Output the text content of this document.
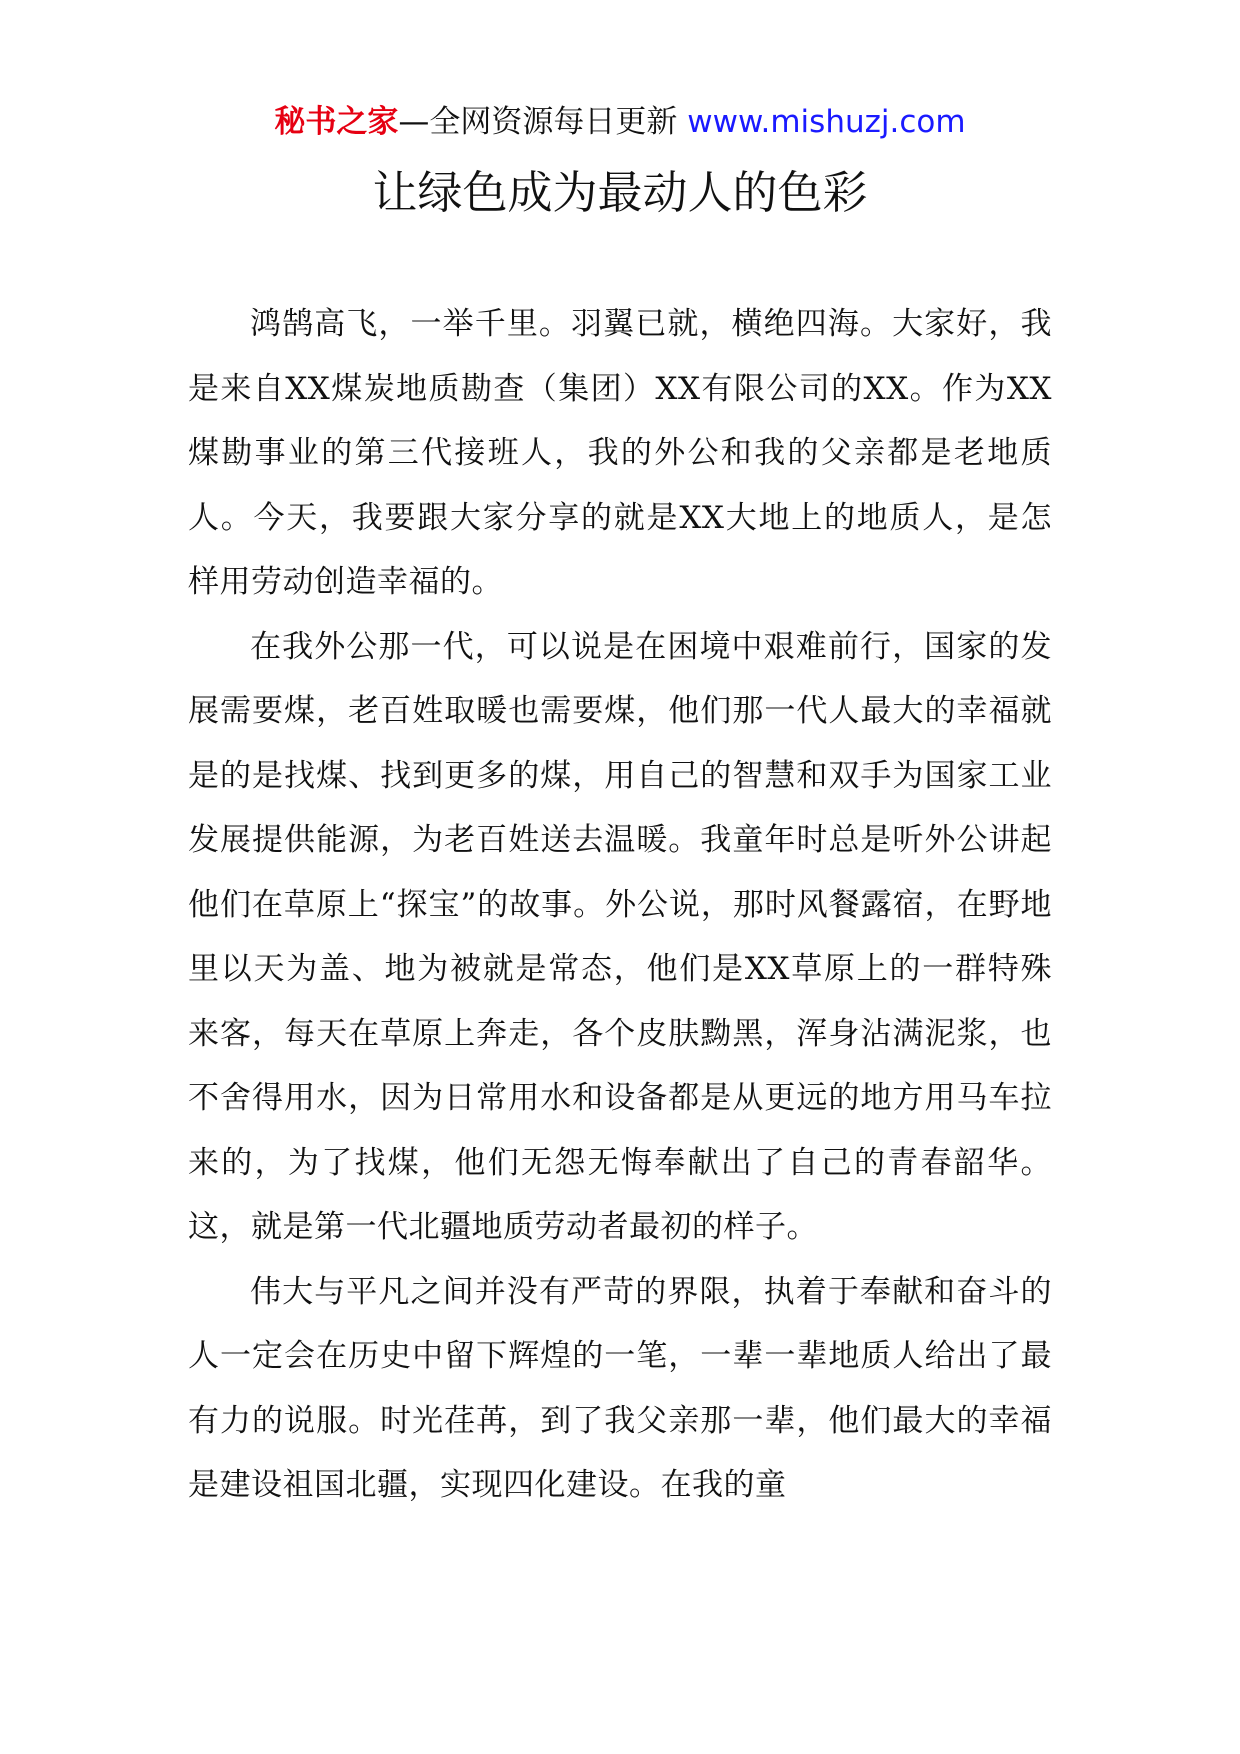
秘书之家—全网资源每日更新 www.mishuzj.com
让绿色成为最动人的色彩

鸿鹄高飞，一举千里。羽翼已就，横绝四海。大家好，我是来自XX煤炭地质勘查（集团）XX有限公司的XX。作为XX煤勘事业的第三代接班人，我的外公和我的父亲都是老地质人。今天，我要跟大家分享的就是XX大地上的地质人，是怎样用劳动创造幸福的。

在我外公那一代，可以说是在困境中艰难前行，国家的发展需要煤，老百姓取暖也需要煤，他们那一代人最大的幸福就是的是找煤、找到更多的煤，用自己的智慧和双手为国家工业发展提供能源，为老百姓送去温暖。我童年时总是听外公讲起他们在草原上“探宝”的故事。外公说，那时风餐露宿，在野地里以天为盖、地为被就是常态，他们是XX草原上的一群特殊来客，每天在草原上奔走，各个皮肤黝黑，浑身沾满泥浆，也不舍得用水，因为日常用水和设备都是从更远的地方用马车拉来的，为了找煤，他们无怨无悔奉献出了自己的青春韶华。这，就是第一代北疆地质劳动者最初的样子。

伟大与平凡之间并没有严苛的界限，执着于奉献和奋斗的人一定会在历史中留下辉煌的一笔，一辈一辈地质人给出了最有力的说服。时光荏苒，到了我父亲那一辈，他们最大的幸福是建设祖国北疆，实现四化建设。在我的童
